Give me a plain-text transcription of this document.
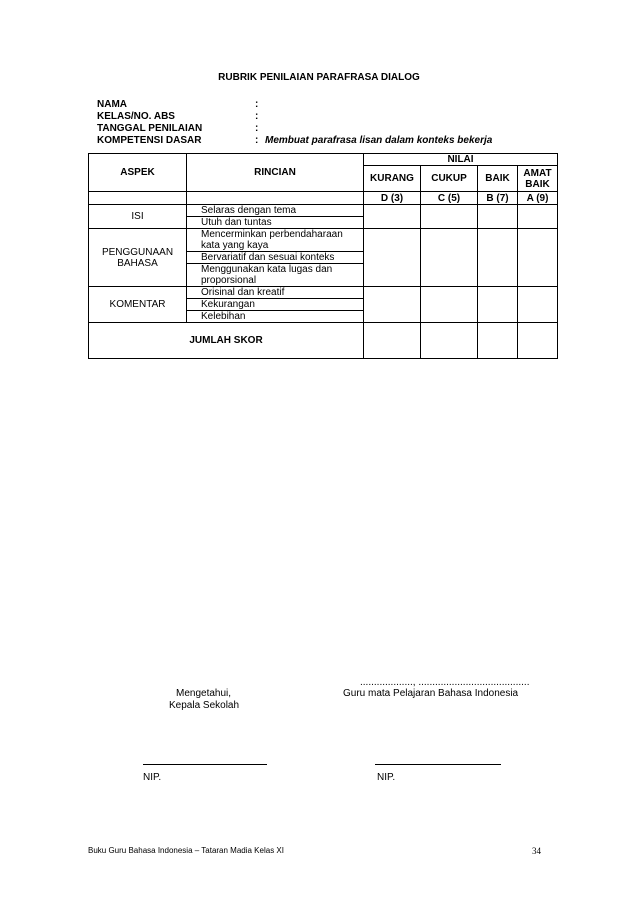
RUBRIK PENILAIAN PARAFRASA DIALOG
NAMA	:
KELAS/NO. ABS	:
TANGGAL PENILAIAN	:
KOMPETENSI DASAR	: Membuat parafrasa lisan dalam konteks bekerja
ASPEK	RINCIAN	NILAI			
		KURANG	CUKUP	BAIK	AMAT BAIK
		D (3)	C (5)	B (7)	A (9)
ISI	Selaras dengan tema				
	Utuh dan tuntas				
PENGGUNAAN BAHASA	Mencerminkan perbendaharaan kata yang kaya				
	Bervariatif dan sesuai konteks				
	Menggunakan kata lugas dan proporsional				
KOMENTAR	Orisinal dan kreatif				
	Kekurangan				
	Kelebihan				
JUMLAH SKOR					
..................., ........................................
Mengetahui,
Kepala Sekolah
Guru mata Pelajaran Bahasa Indonesia
NIP.	NIP.
Buku Guru Bahasa Indonesia – Tataran Madia Kelas XI	34
